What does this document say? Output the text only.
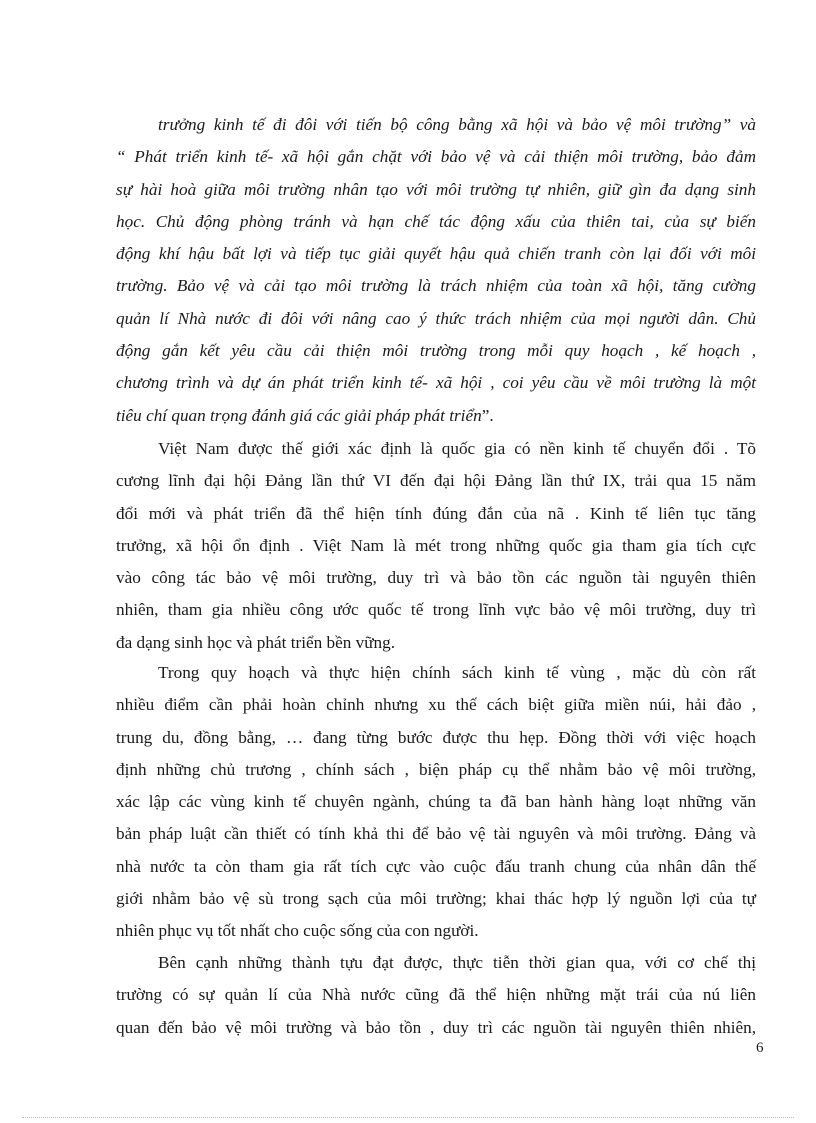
trưởng kinh tế đi đôi với tiến bộ công bằng xã hội và bảo vệ môi trường” và
“ Phát triển kinh tế- xã hội gắn chặt với bảo vệ và cải thiện môi trường, bảo đảm
sự hài hoà giữa môi trường nhân tạo với môi trường tự nhiên, giữ gìn đa dạng sinh
học. Chủ động phòng tránh và hạn chế tác động xấu của thiên tai, của sự biến
động khí hậu bất lợi và tiếp tục giải quyết hậu quả chiến tranh còn lại đối với môi
trường. Bảo vệ và cải tạo môi trường là trách nhiệm của toàn xã hội, tăng cường
quản lí Nhà nước đi đôi với nâng cao ý thức trách nhiệm của mọi người dân. Chủ
động gắn kết yêu cầu cải thiện môi trường trong mỗi quy hoạch , kế hoạch ,
chương trình và dự án phát triển kinh tế- xã hội , coi yêu cầu về môi trường là một
tiêu chí quan trọng đánh giá các giải pháp phát triển”.
Việt Nam được thế giới xác định là quốc gia có nền kinh tế chuyển đổi . Tõ
cương lĩnh đại hội Đảng lần thứ VI đến đại hội Đảng lần thứ IX, trải qua 15 năm
đổi mới và phát triển đã thể hiện tính đúng đắn của nã . Kinh tế liên tục tăng
trưởng, xã hội ổn định . Việt Nam là mét trong những quốc gia tham gia tích cực
vào công tác bảo vệ môi trường, duy trì và bảo tồn các nguồn tài nguyên thiên
nhiên, tham gia nhiều công ước quốc tế trong lĩnh vực bảo vệ môi trường, duy trì
đa dạng sinh học và phát triển bền vững.
Trong quy hoạch và thực hiện chính sách kinh tế vùng , mặc dù còn rất
nhiều điểm cần phải hoàn chỉnh nhưng xu thế cách biệt giữa miền núi, hải đảo ,
trung du, đồng bằng, … đang từng bước được thu hẹp. Đồng thời với việc hoạch
định những chủ trương , chính sách , biện pháp cụ thể nhằm bảo vệ môi trường,
xác lập các vùng kinh tế chuyên ngành, chúng ta đã ban hành hàng loạt những văn
bản pháp luật cần thiết có tính khả thi để bảo vệ tài nguyên và môi trường. Đảng và
nhà nước ta còn tham gia rất tích cực vào cuộc đấu tranh chung của nhân dân thế
giới nhằm bảo vệ sù trong sạch của môi trường; khai thác hợp lý nguồn lợi của tự
nhiên phục vụ tốt nhất cho cuộc sống của con người.
Bên cạnh những thành tựu đạt được, thực tiễn thời gian qua, với cơ chế thị
trường có sự quản lí của Nhà nước cũng đã thể hiện những mặt trái của nú liên
quan đến bảo vệ môi trường và bảo tồn , duy trì các nguồn tài nguyên thiên nhiên,
6
